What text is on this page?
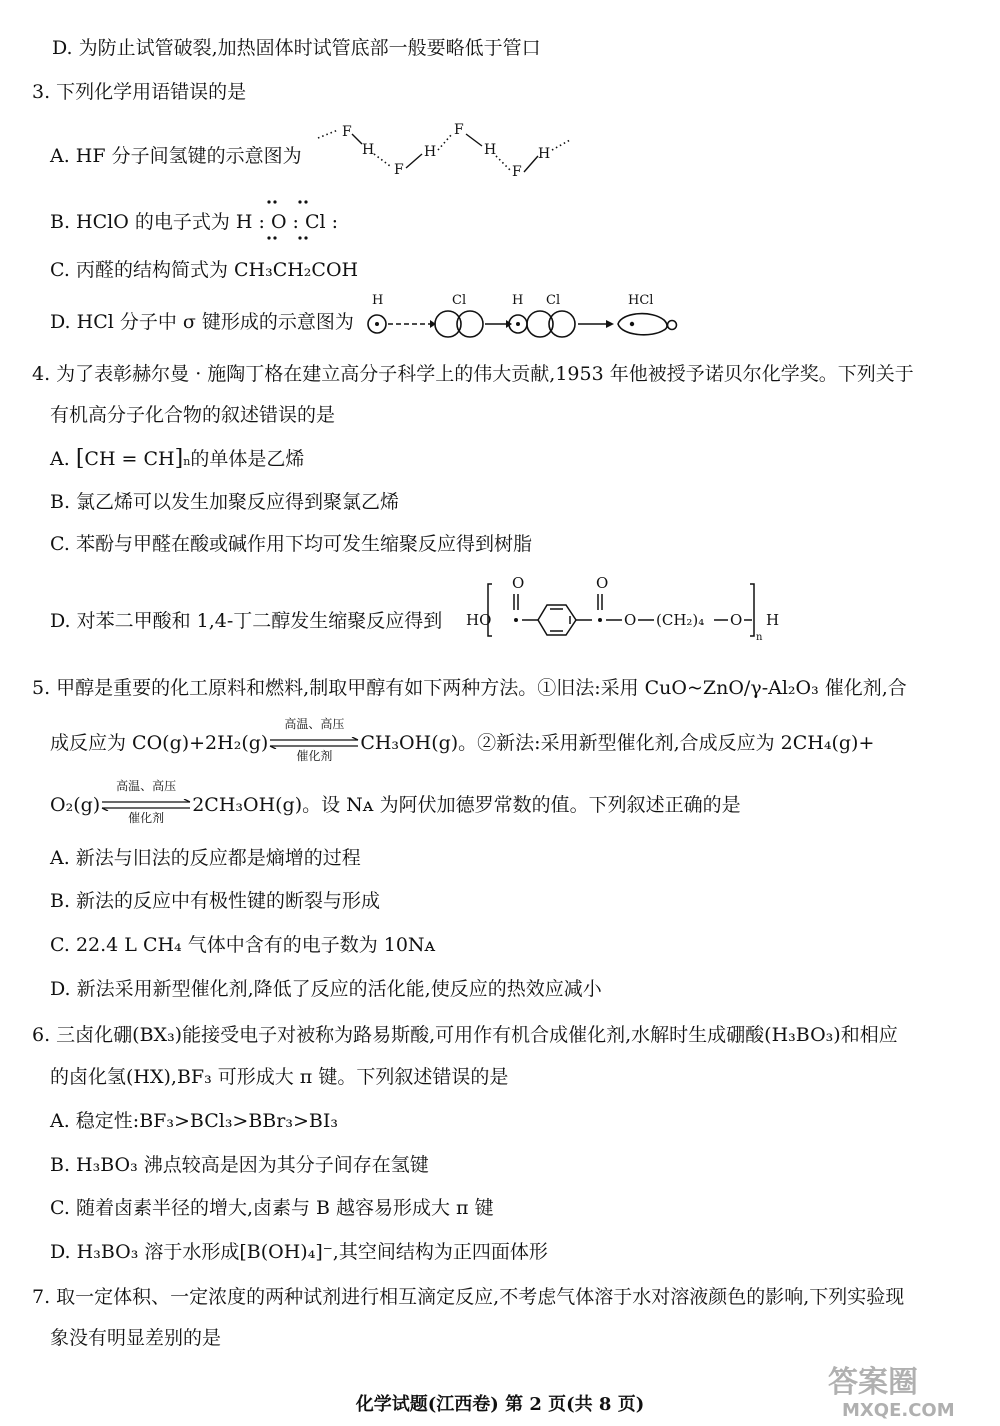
D. 为防止试管破裂,加热固体时试管底部一般要略低于管口
3. 下列化学用语错误的是
A. HF 分子间氢键的示意图为
F
H
F
H
F
H
F
H
B. HClO 的电子式为 H : O : Cl :
C. 丙醛的结构简式为 CH₃CH₂COH
D. HCl 分子中 σ 键形成的示意图为
H	Cl	H Cl	HCl
4. 为了表彰赫尔曼 · 施陶丁格在建立高分子科学上的伟大贡献,1953 年他被授予诺贝尔化学奖。下列关于
有机高分子化合物的叙述错误的是
A. [CH = CH]n的单体是乙烯
B. 氯乙烯可以发生加聚反应得到聚氯乙烯
C. 苯酚与甲醛在酸或碱作用下均可发生缩聚反应得到树脂
D. 对苯二甲酸和 1,4-丁二醇发生缩聚反应得到 HO
O	O
O (CH₂)₄ O H
n
5. 甲醇是重要的化工原料和燃料,制取甲醇有如下两种方法。①旧法:采用 CuO~ZnO/γ-Al₂O₃ 催化剂,合
成反应为 CO(g)+2H₂(g)
高温、高压
催化剂
CH₃OH(g)。②新法:采用新型催化剂,合成反应为 2CH₄(g)+
O₂(g)
高温、高压
催化剂
2CH₃OH(g)。设 Nᴀ 为阿伏加德罗常数的值。下列叙述正确的是
A. 新法与旧法的反应都是熵增的过程
B. 新法的反应中有极性键的断裂与形成
C. 22.4 L CH₄ 气体中含有的电子数为 10Nᴀ
D. 新法采用新型催化剂,降低了反应的活化能,使反应的热效应减小
6. 三卤化硼(BX₃)能接受电子对被称为路易斯酸,可用作有机合成催化剂,水解时生成硼酸(H₃BO₃)和相应
的卤化氢(HX),BF₃ 可形成大 π 键。下列叙述错误的是
A. 稳定性:BF₃>BCl₃>BBr₃>BI₃
B. H₃BO₃ 沸点较高是因为其分子间存在氢键
C. 随着卤素半径的增大,卤素与 B 越容易形成大 π 键
D. H₃BO₃ 溶于水形成[B(OH)₄]⁻,其空间结构为正四面体形
7. 取一定体积、一定浓度的两种试剂进行相互滴定反应,不考虑气体溶于水对溶液颜色的影响,下列实验现
象没有明显差别的是
化学试题(江西卷) 第 2 页(共 8 页)
答案圈
MXQE.COM
